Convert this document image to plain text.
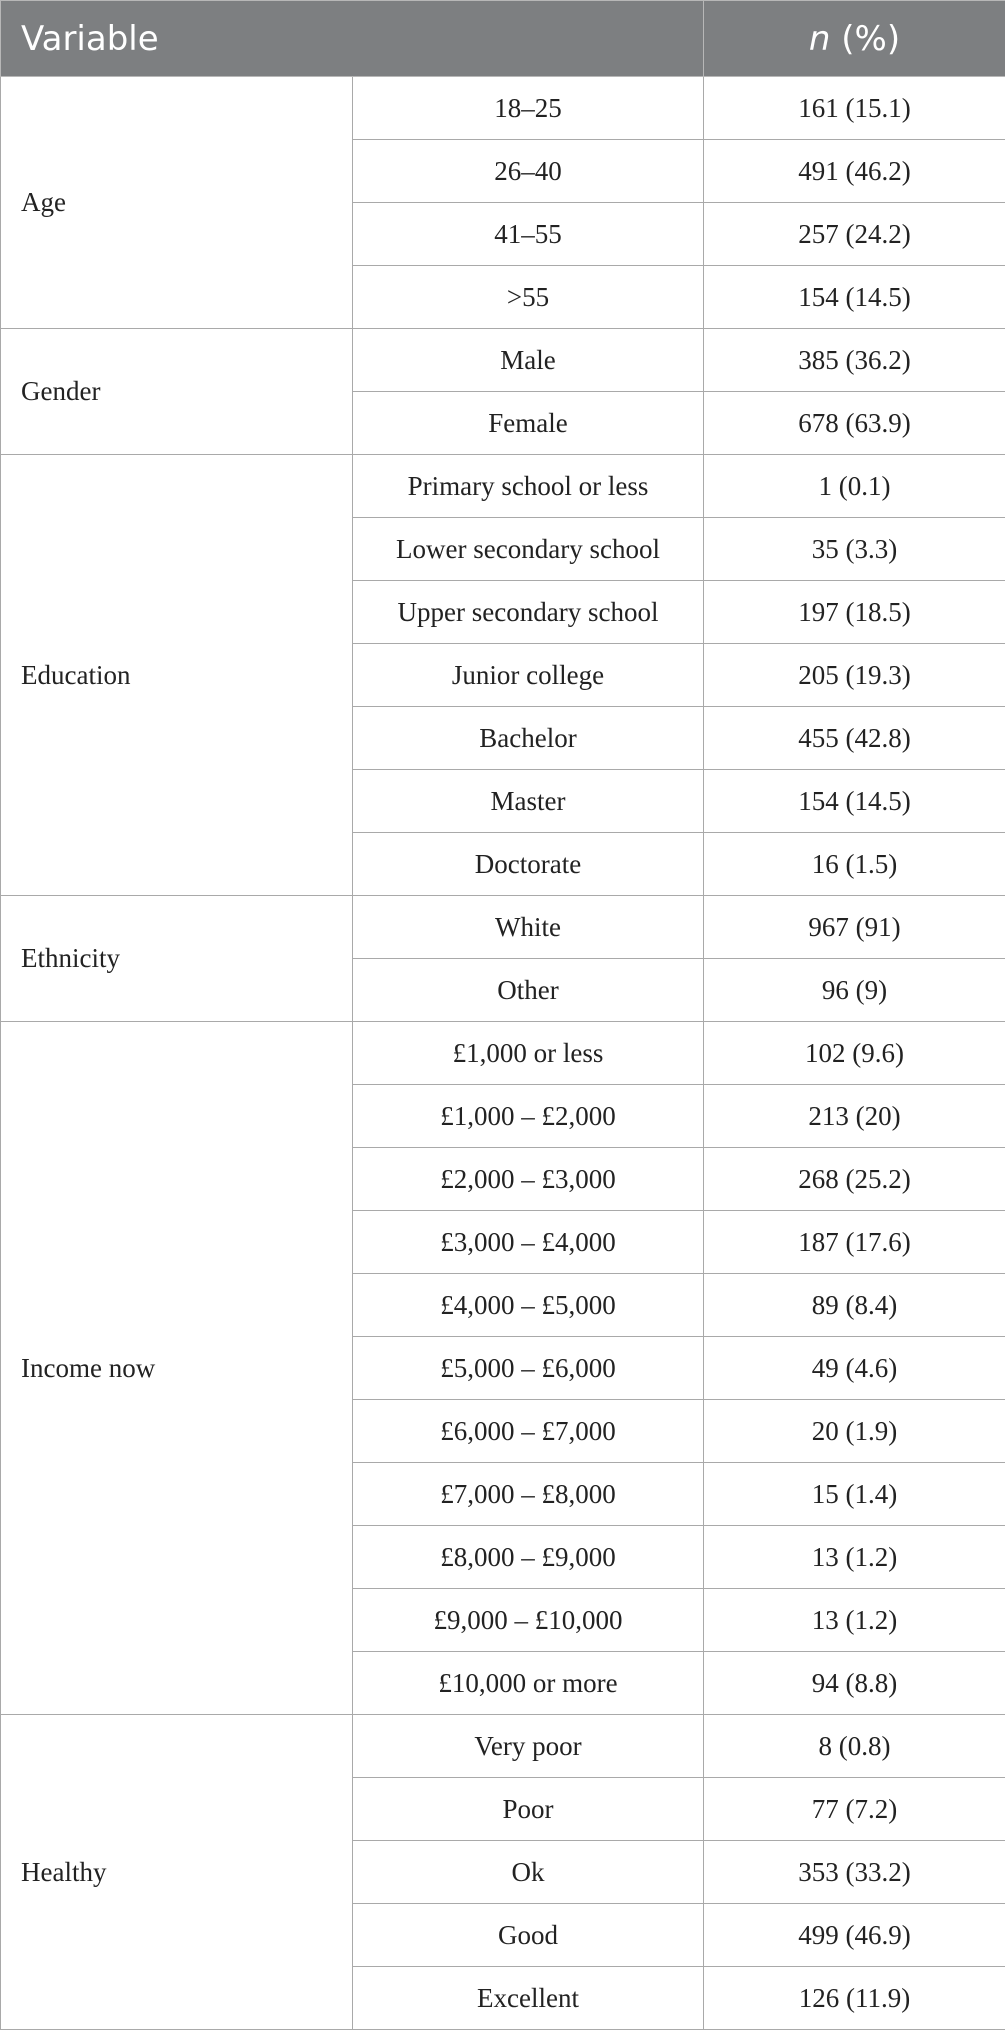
Variable		n (%)
Age	18–25	161 (15.1)
	26–40	491 (46.2)
	41–55	257 (24.2)
	>55	154 (14.5)
Gender	Male	385 (36.2)
	Female	678 (63.9)
Education	Primary school or less	1 (0.1)
	Lower secondary school	35 (3.3)
	Upper secondary school	197 (18.5)
	Junior college	205 (19.3)
	Bachelor	455 (42.8)
	Master	154 (14.5)
	Doctorate	16 (1.5)
Ethnicity	White	967 (91)
	Other	96 (9)
Income now	£1,000 or less	102 (9.6)
	£1,000 – £2,000	213 (20)
	£2,000 – £3,000	268 (25.2)
	£3,000 – £4,000	187 (17.6)
	£4,000 – £5,000	89 (8.4)
	£5,000 – £6,000	49 (4.6)
	£6,000 – £7,000	20 (1.9)
	£7,000 – £8,000	15 (1.4)
	£8,000 – £9,000	13 (1.2)
	£9,000 – £10,000	13 (1.2)
	£10,000 or more	94 (8.8)
Healthy	Very poor	8 (0.8)
	Poor	77 (7.2)
	Ok	353 (33.2)
	Good	499 (46.9)
	Excellent	126 (11.9)
